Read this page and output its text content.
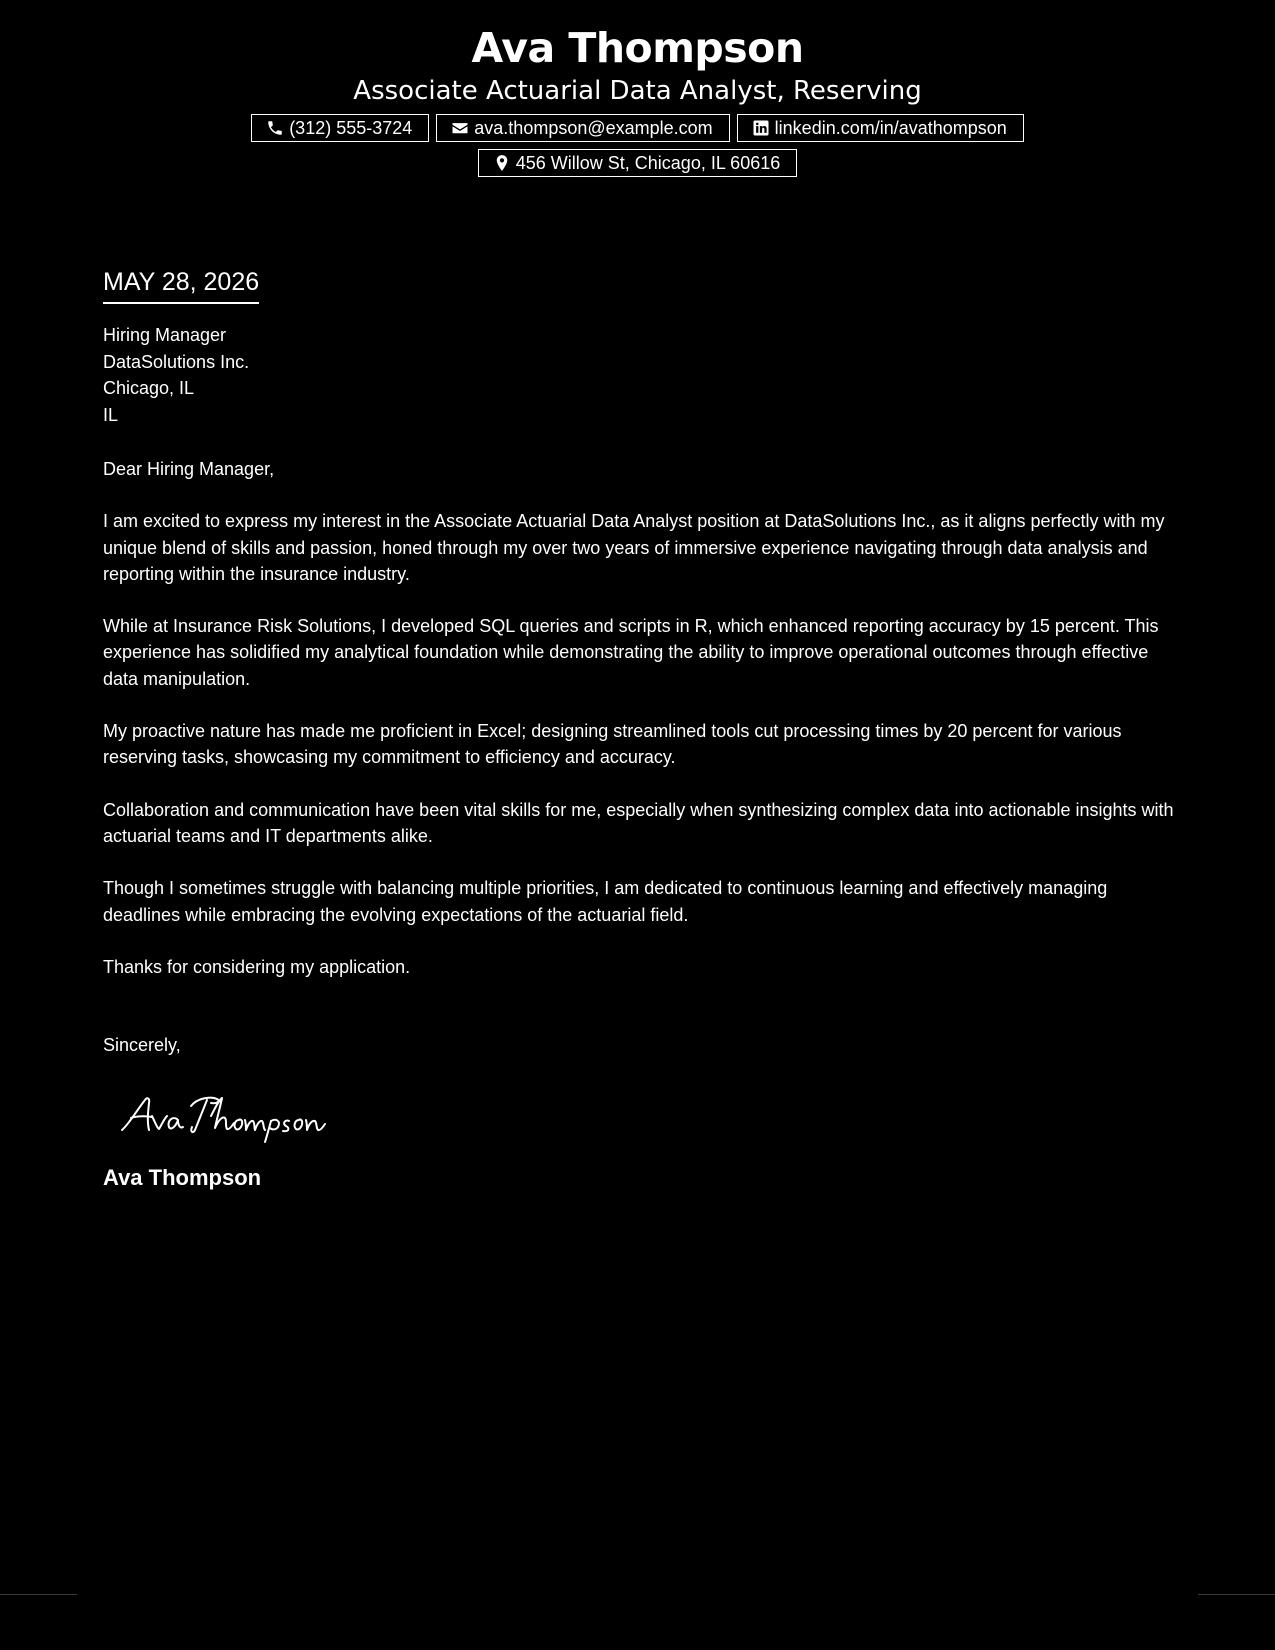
Ava Thompson
Associate Actuarial Data Analyst, Reserving
(312) 555-3724	ava.thompson@example.com	linkedin.com/in/avathompson
456 Willow St, Chicago, IL 60616
MAY 28, 2026
Hiring Manager
DataSolutions Inc.
Chicago, IL
IL
Dear Hiring Manager,

I am excited to express my interest in the Associate Actuarial Data Analyst position at DataSolutions Inc., as it aligns perfectly with my unique blend of skills and passion, honed through my over two years of immersive experience navigating through data analysis and reporting within the insurance industry.

While at Insurance Risk Solutions, I developed SQL queries and scripts in R, which enhanced reporting accuracy by 15 percent. This experience has solidified my analytical foundation while demonstrating the ability to improve operational outcomes through effective data manipulation.

My proactive nature has made me proficient in Excel; designing streamlined tools cut processing times by 20 percent for various reserving tasks, showcasing my commitment to efficiency and accuracy.

Collaboration and communication have been vital skills for me, especially when synthesizing complex data into actionable insights with actuarial teams and IT departments alike.

Though I sometimes struggle with balancing multiple priorities, I am dedicated to continuous learning and effectively managing deadlines while embracing the evolving expectations of the actuarial field.

Thanks for considering my application.

Sincerely,
Ava Thompson
